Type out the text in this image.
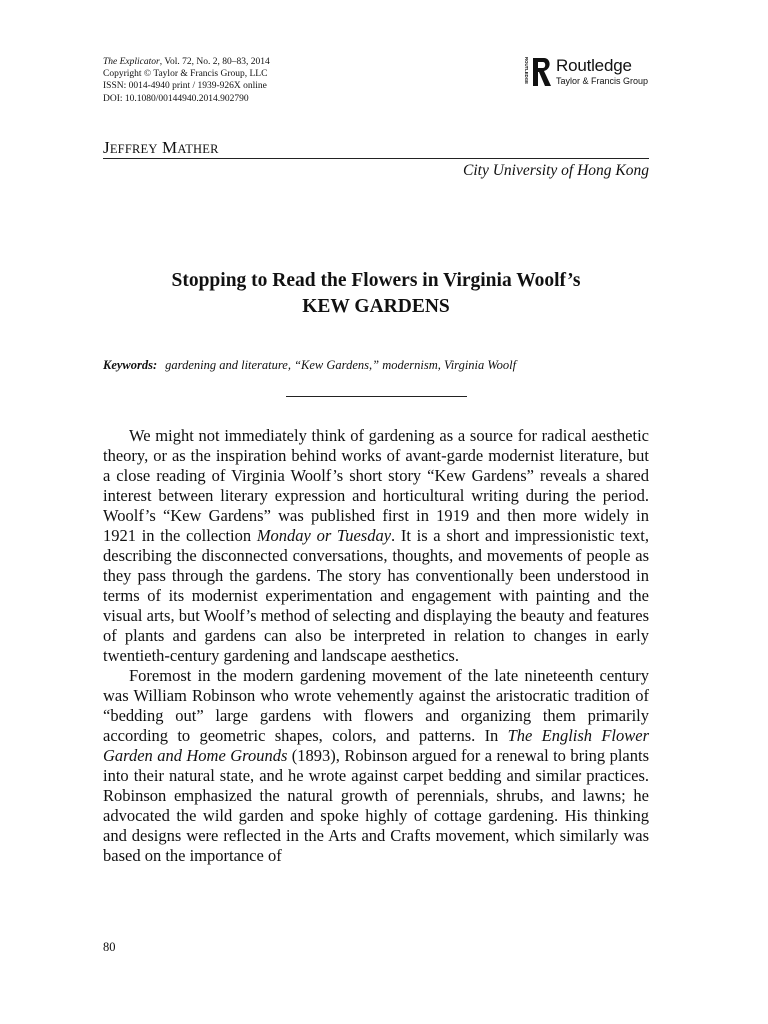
The Explicator, Vol. 72, No. 2, 80–83, 2014
Copyright © Taylor & Francis Group, LLC
ISSN: 0014-4940 print / 1939-926X online
DOI: 10.1080/00144940.2014.902790
ROUTLEDGE Routledge
Taylor & Francis Group
JEFFREY MATHER
City University of Hong Kong
Stopping to Read the Flowers in Virginia Woolf’s
KEW GARDENS
Keywords: gardening and literature, “Kew Gardens,” modernism, Virginia Woolf

We might not immediately think of gardening as a source for radical aesthetic theory, or as the inspiration behind works of avant-garde modernist literature, but a close reading of Virginia Woolf’s short story “Kew Gardens” reveals a shared interest between literary expression and horticultural writing during the period. Woolf’s “Kew Gardens” was published first in 1919 and then more widely in 1921 in the collection Monday or Tuesday. It is a short and impressionistic text, describing the disconnected conversations, thoughts, and movements of people as they pass through the gardens. The story has conventionally been understood in terms of its modernist experimentation and engagement with painting and the visual arts, but Woolf’s method of selecting and displaying the beauty and features of plants and gardens can also be interpreted in relation to changes in early twentieth-century gardening and landscape aesthetics.

Foremost in the modern gardening movement of the late nineteenth century was William Robinson who wrote vehemently against the aristocratic tradition of “bedding out” large gardens with flowers and organizing them primarily according to geometric shapes, colors, and patterns. In The English Flower Garden and Home Grounds (1893), Robinson argued for a renewal to bring plants into their natural state, and he wrote against carpet bedding and similar practices. Robinson emphasized the natural growth of perennials, shrubs, and lawns; he advocated the wild garden and spoke highly of cottage gardening. His thinking and designs were reflected in the Arts and Crafts movement, which similarly was based on the importance of

80
